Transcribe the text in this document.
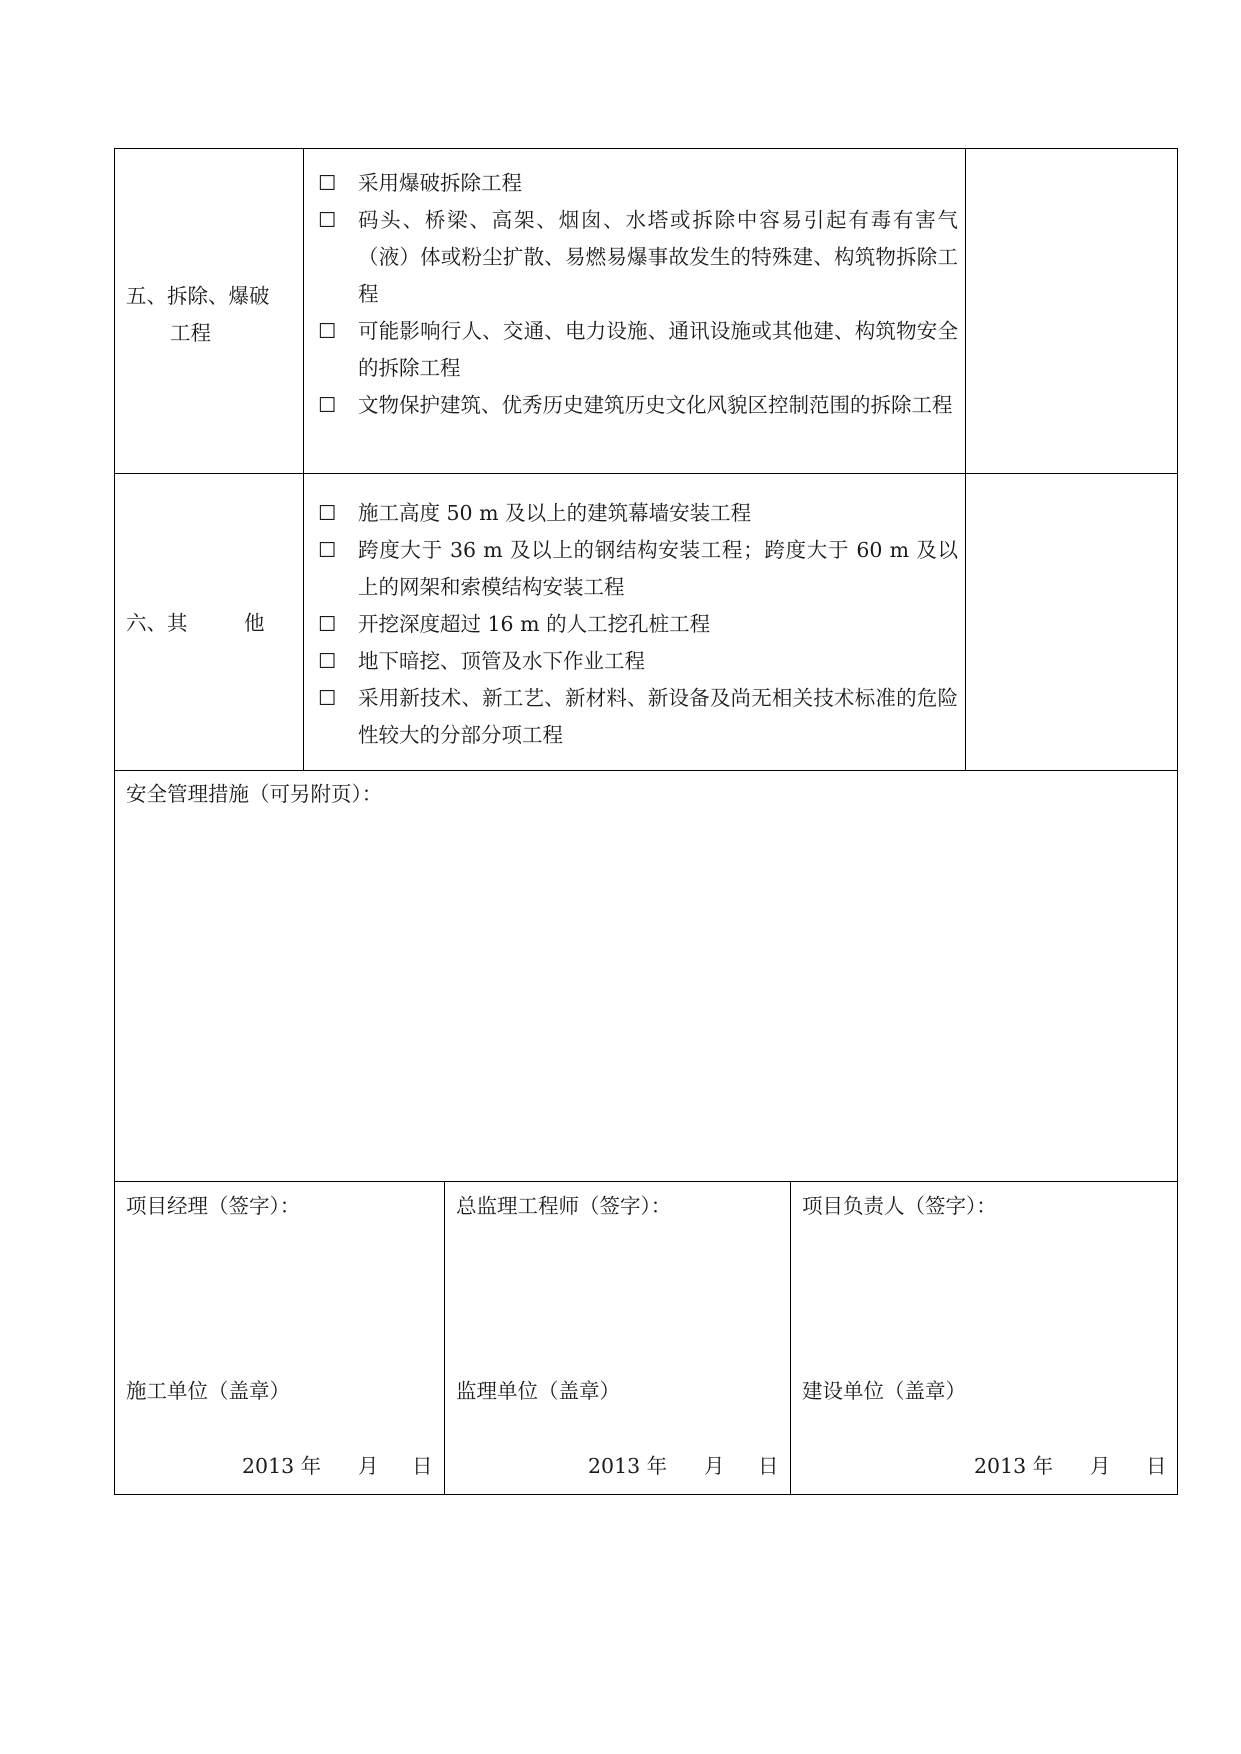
五、拆除、爆破
工程
☐	采用爆破拆除工程
☐	码头、桥梁、高架、烟囱、水塔或拆除中容易引起有毒有害气（液）体或粉尘扩散、易燃易爆事故发生的特殊建、构筑物拆除工程
☐	可能影响行人、交通、电力设施、通讯设施或其他建、构筑物安全的拆除工程
☐	文物保护建筑、优秀历史建筑历史文化风貌区控制范围的拆除工程
六、其	他
☐	施工高度 50 m 及以上的建筑幕墙安装工程
☐	跨度大于 36 m 及以上的钢结构安装工程；跨度大于 60 m 及以上的网架和索模结构安装工程
☐	开挖深度超过 16 m 的人工挖孔桩工程
☐	地下暗挖、顶管及水下作业工程
☐	采用新技术、新工艺、新材料、新设备及尚无相关技术标准的危险性较大的分部分项工程
安全管理措施（可另附页）：
项目经理（签字）：
施工单位（盖章）
2013 年 月 日
总监理工程师（签字）：
监理单位（盖章）
2013 年 月 日
项目负责人（签字）：
建设单位（盖章）
2013 年 月 日
